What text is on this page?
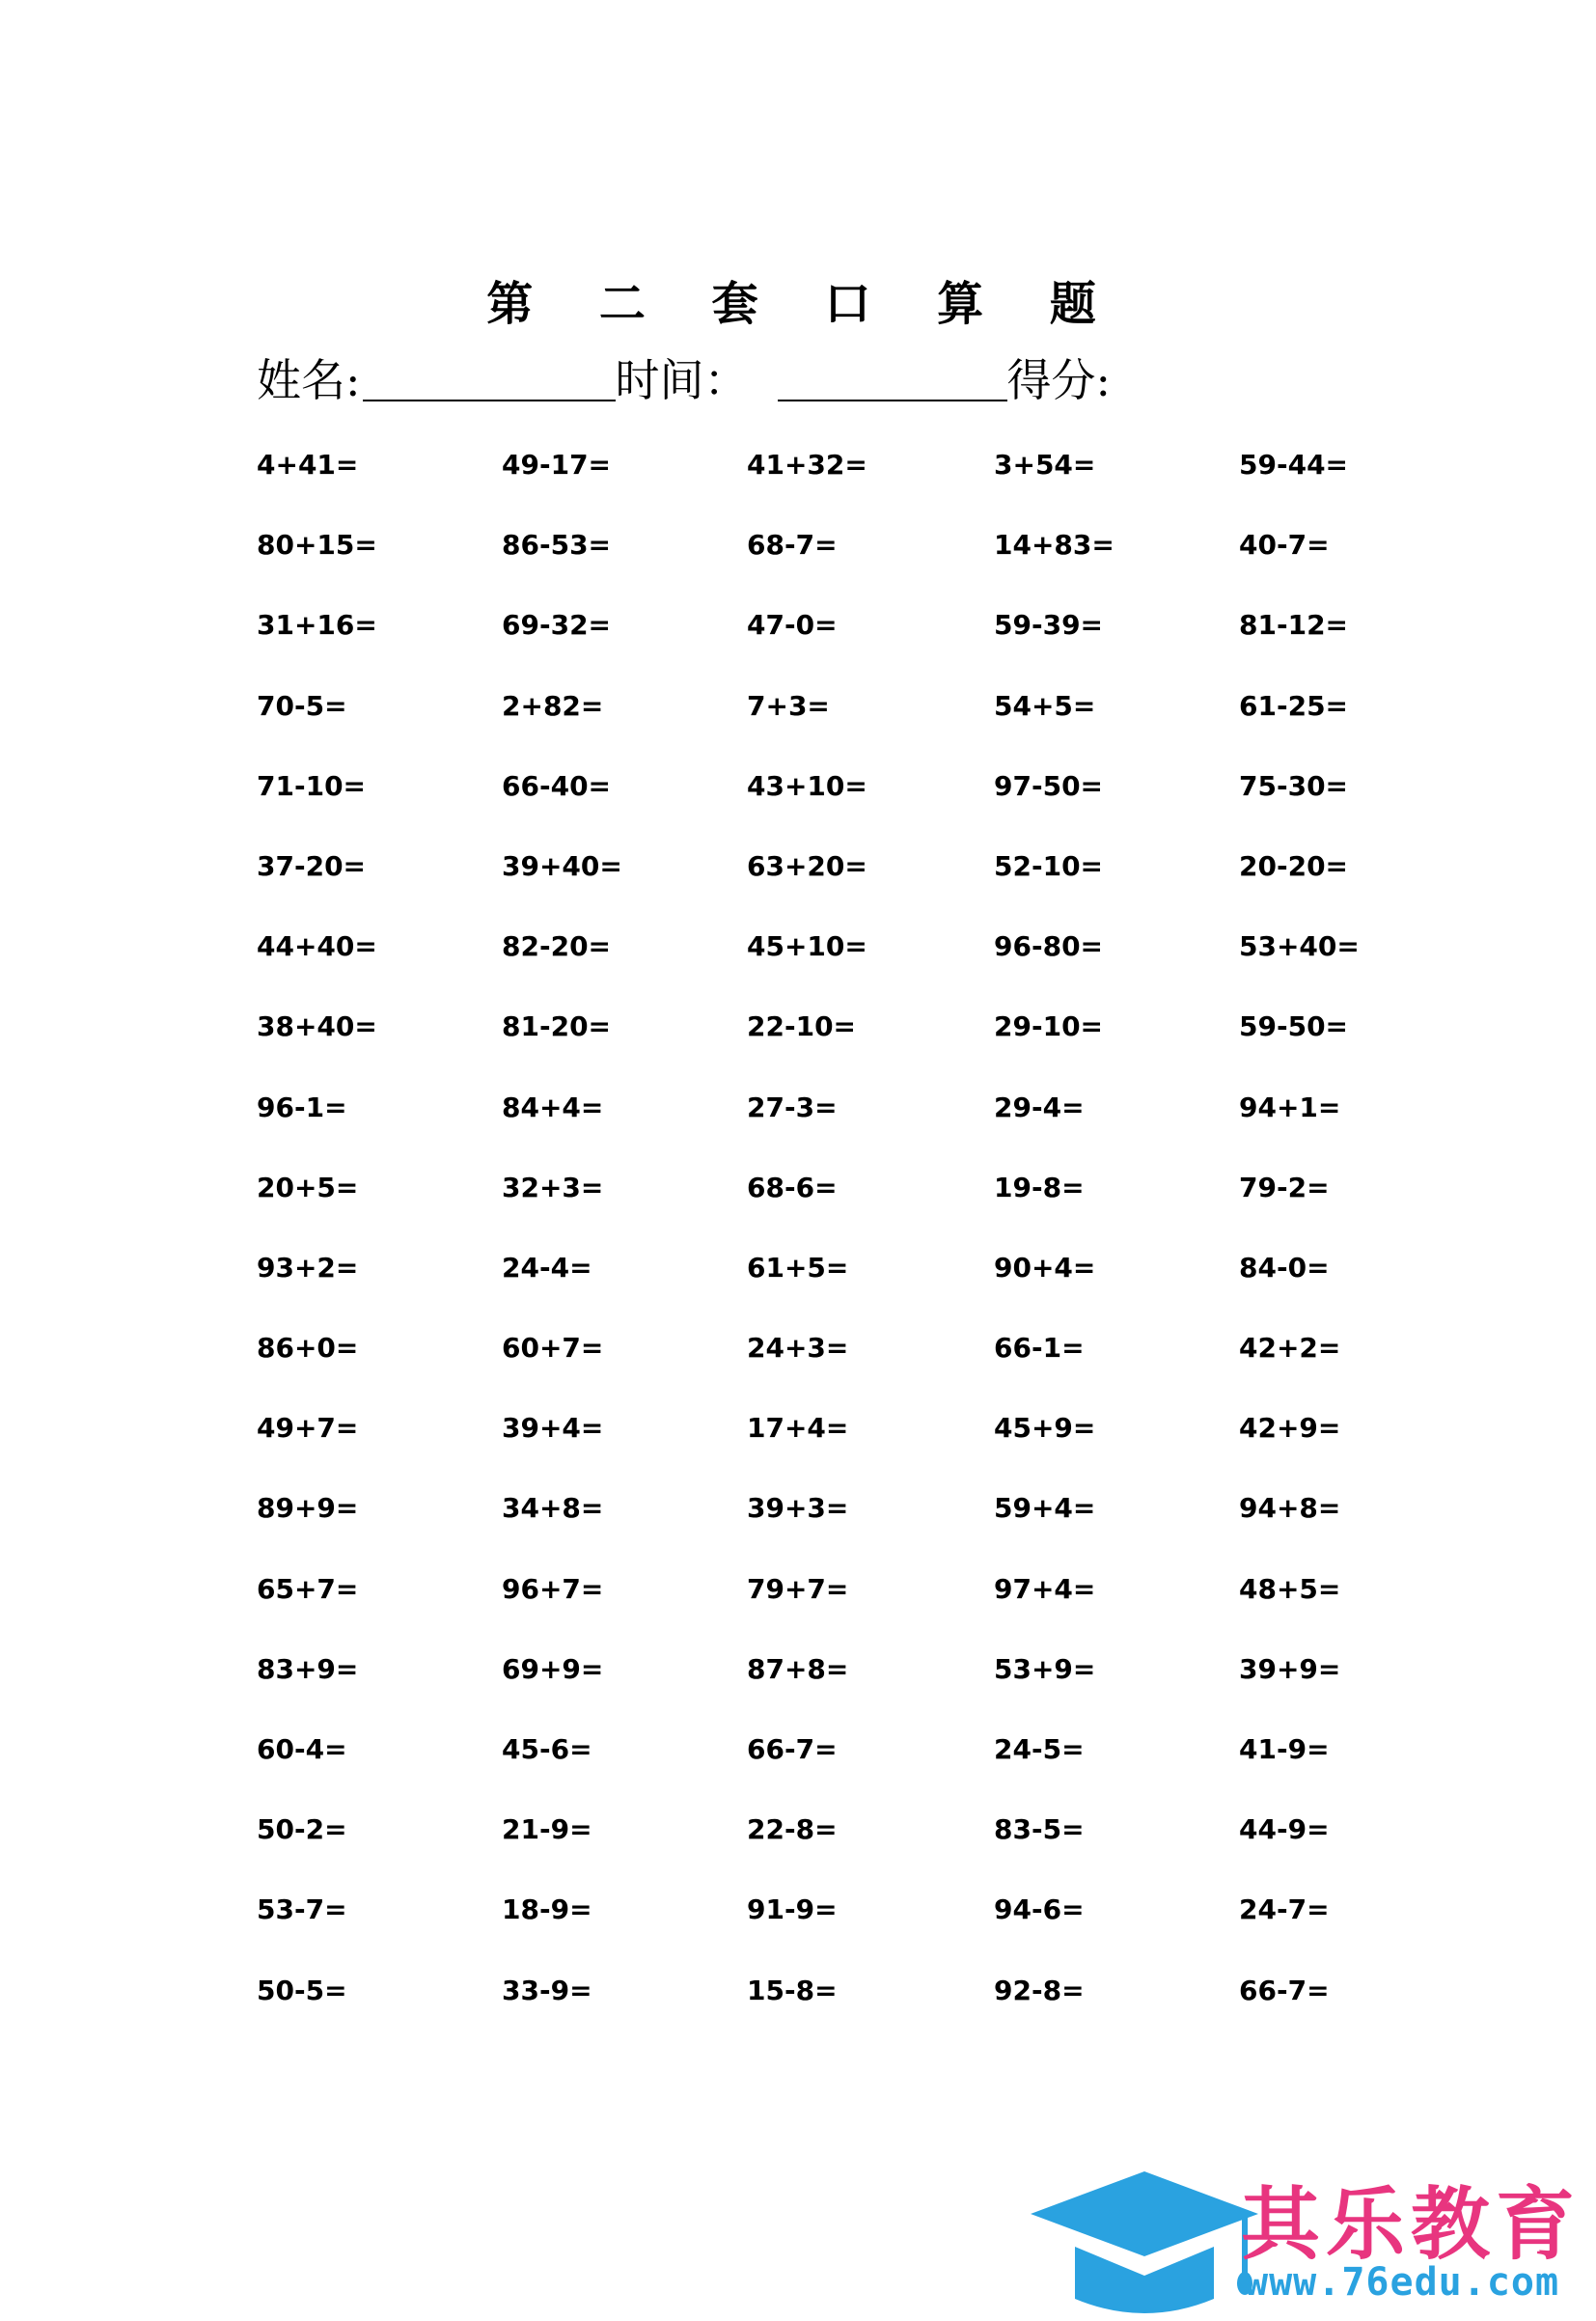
第 二 套 口 算 题
姓名:	时间：	得分:
4+41=	49-17=	41+32=	3+54=	59-44=
80+15=	86-53=	68-7=	14+83=	40-7=
31+16=	69-32=	47-0=	59-39=	81-12=
70-5=	2+82=	7+3=	54+5=	61-25=
71-10=	66-40=	43+10=	97-50=	75-30=
37-20=	39+40=	63+20=	52-10=	20-20=
44+40=	82-20=	45+10=	96-80=	53+40=
38+40=	81-20=	22-10=	29-10=	59-50=
96-1=	84+4=	27-3=	29-4=	94+1=
20+5=	32+3=	68-6=	19-8=	79-2=
93+2=	24-4=	61+5=	90+4=	84-0=
86+0=	60+7=	24+3=	66-1=	42+2=
49+7=	39+4=	17+4=	45+9=	42+9=
89+9=	34+8=	39+3=	59+4=	94+8=
65+7=	96+7=	79+7=	97+4=	48+5=
83+9=	69+9=	87+8=	53+9=	39+9=
60-4=	45-6=	66-7=	24-5=	41-9=
50-2=	21-9=	22-8=	83-5=	44-9=
53-7=	18-9=	91-9=	94-6=	24-7=
50-5=	33-9=	15-8=	92-8=	66-7=
其乐教育
www.76edu.com
